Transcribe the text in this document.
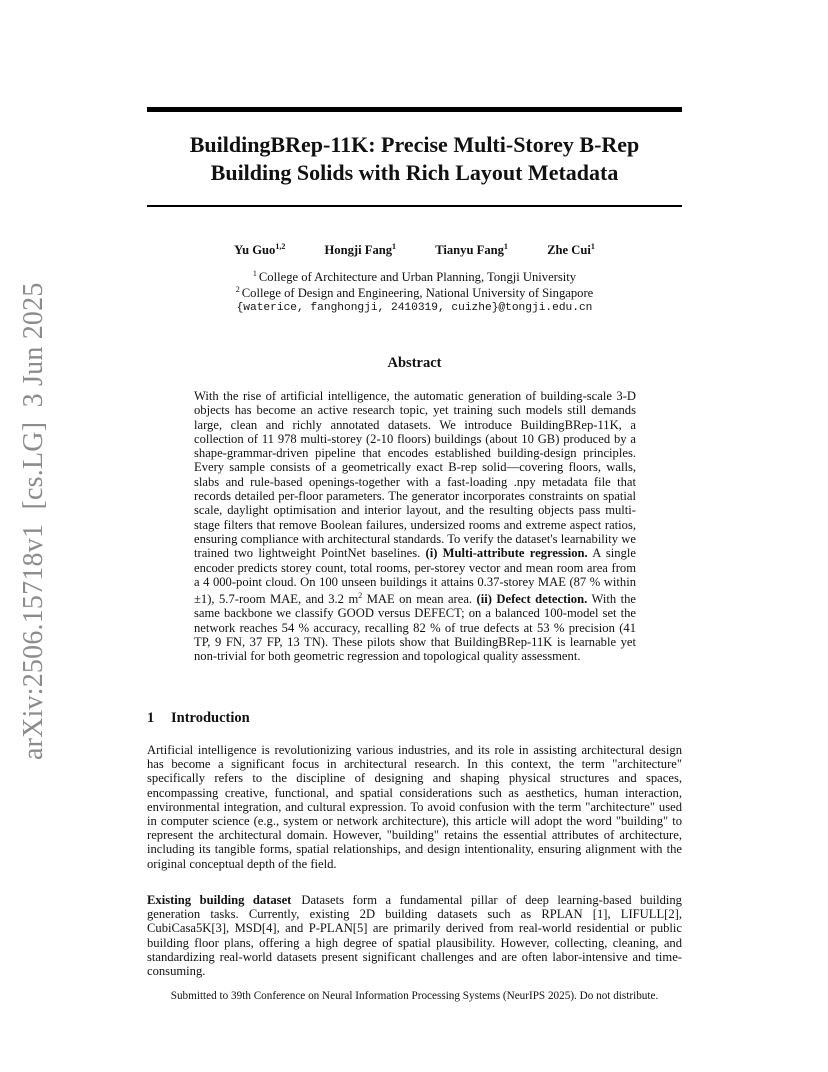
arXiv:2506.15718v1  [cs.LG]  3 Jun 2025
BuildingBRep-11K: Precise Multi-Storey B-Rep
Building Solids with Rich Layout Metadata
Yu Guo$^{1,2}$	Hongji Fang$^1$	Tianyu Fang$^1$	Zhe Cui$^1$
$^1$ College of Architecture and Urban Planning, Tongji University
$^2$ College of Design and Engineering, National University of Singapore
{waterice, fanghongji, 2410319, cuizhe}@tongji.edu.cn
Abstract
With the rise of artificial intelligence, the automatic generation of building-scale 3-D objects has become an active research topic, yet training such models still demands large, clean and richly annotated datasets. We introduce BuildingBRep-11K, a collection of 11 978 multi-storey (2-10 floors) buildings (about 10 GB) produced by a shape-grammar-driven pipeline that encodes established building-design principles. Every sample consists of a geometrically exact B-rep solid—covering floors, walls, slabs and rule-based openings-together with a fast-loading .npy metadata file that records detailed per-floor parameters. The generator incorporates constraints on spatial scale, daylight optimisation and interior layout, and the resulting objects pass multi-stage filters that remove Boolean failures, undersized rooms and extreme aspect ratios, ensuring compliance with architectural standards. To verify the dataset's learnability we trained two lightweight PointNet baselines. (i) Multi-attribute regression. A single encoder predicts storey count, total rooms, per-storey vector and mean room area from a 4 000-point cloud. On 100 unseen buildings it attains 0.37-storey MAE (87 % within ±1), 5.7-room MAE, and 3.2 $m^2$ MAE on mean area. (ii) Defect detection. With the same backbone we classify GOOD versus DEFECT; on a balanced 100-model set the network reaches 54 % accuracy, recalling 82 % of true defects at 53 % precision (41 TP, 9 FN, 37 FP, 13 TN). These pilots show that BuildingBRep-11K is learnable yet non-trivial for both geometric regression and topological quality assessment.
1 Introduction
Artificial intelligence is revolutionizing various industries, and its role in assisting architectural design has become a significant focus in architectural research. In this context, the term "architecture" specifically refers to the discipline of designing and shaping physical structures and spaces, encompassing creative, functional, and spatial considerations such as aesthetics, human interaction, environmental integration, and cultural expression. To avoid confusion with the term "architecture" used in computer science (e.g., system or network architecture), this article will adopt the word "building" to represent the architectural domain. However, "building" retains the essential attributes of architecture, including its tangible forms, spatial relationships, and design intentionality, ensuring alignment with the original conceptual depth of the field.
Existing building dataset Datasets form a fundamental pillar of deep learning-based building generation tasks. Currently, existing 2D building datasets such as RPLAN [1], LIFULL[2], CubiCasa5K[3], MSD[4], and P-PLAN[5] are primarily derived from real-world residential or public building floor plans, offering a high degree of spatial plausibility. However, collecting, cleaning, and standardizing real-world datasets present significant challenges and are often labor-intensive and time-consuming.
Submitted to 39th Conference on Neural Information Processing Systems (NeurIPS 2025). Do not distribute.
